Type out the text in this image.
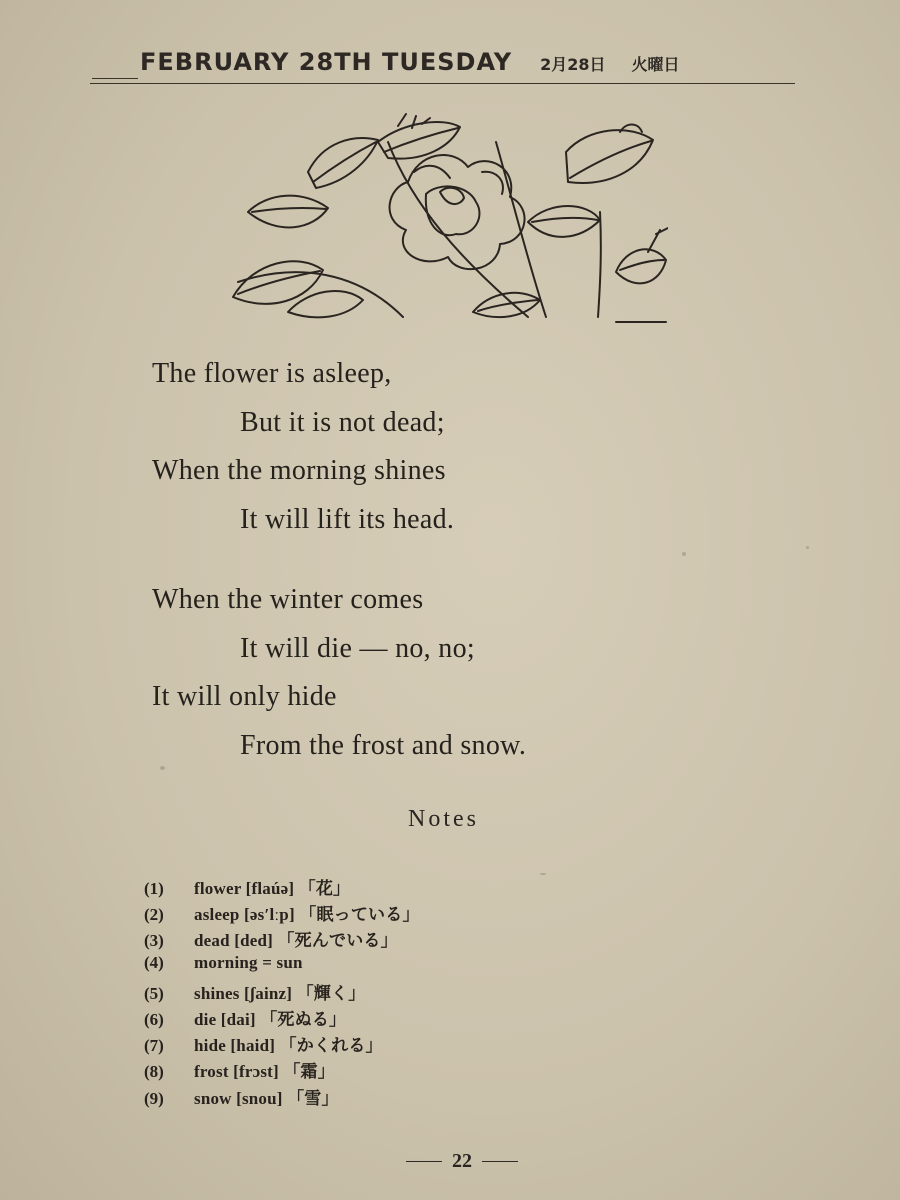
FEBRUARY 28TH TUESDAY 2月28日 火曜日
The flower is asleep,
But it is not dead;
When the morning shines
It will lift its head.
When the winter comes
It will die — no, no;
It will only hide
From the frost and snow.
Notes
(1)	flower [flaúə] 「花」
(2)	asleep [əs′lːp] 「眠っている」
(3)	dead [ded] 「死んでいる」
(4)	morning = sun
(5)	shines [ʃainz] 「輝く」
(6)	die [dai] 「死ぬる」
(7)	hide [haid] 「かくれる」
(8)	frost [frɔst] 「霜」
(9)	snow [snou] 「雪」
22
